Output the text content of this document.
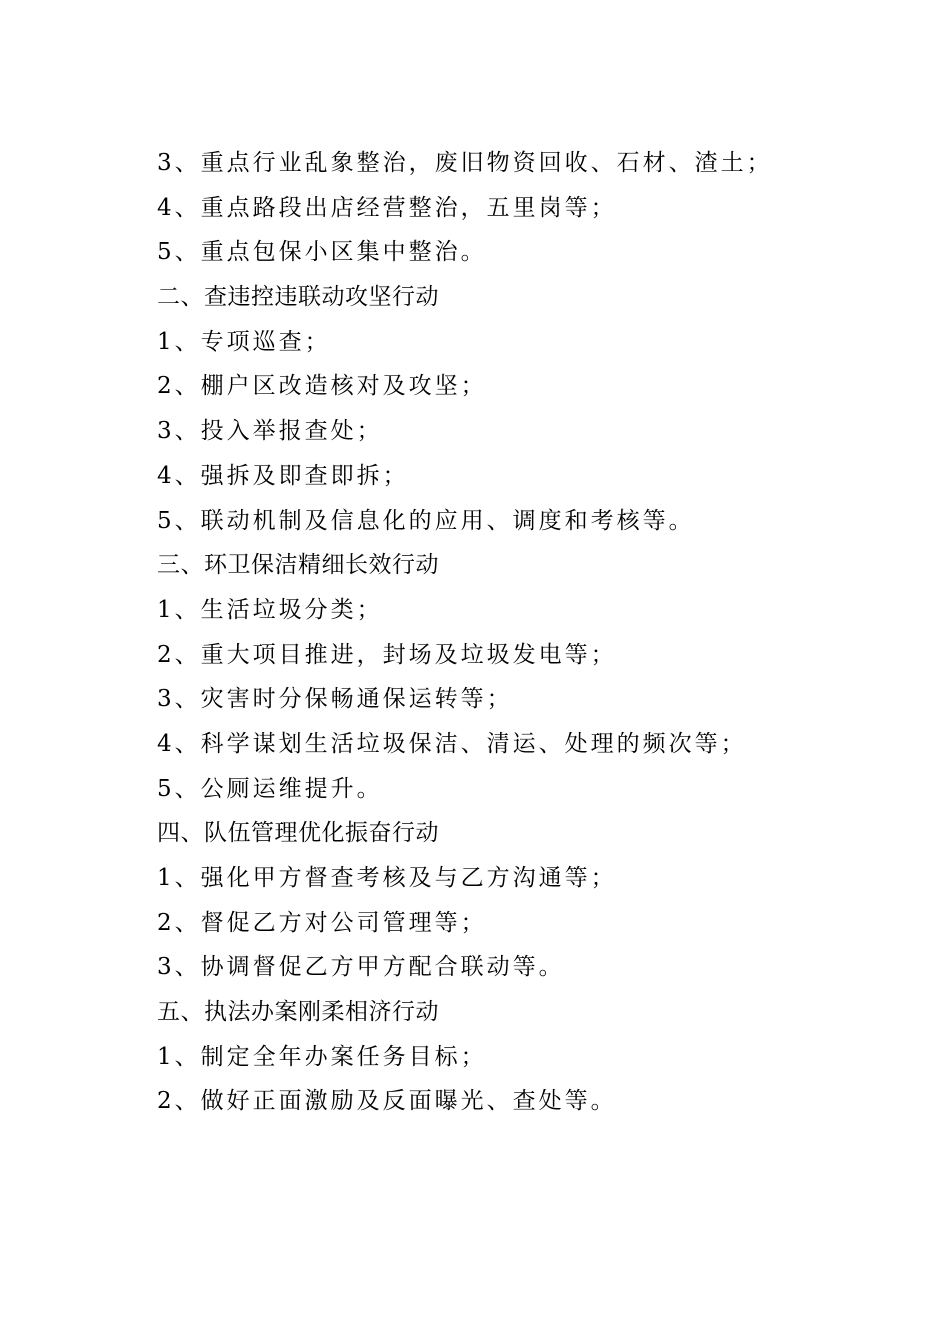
3、重点行业乱象整治，废旧物资回收、石材、渣土；
4、重点路段出店经营整治，五里岗等；
5、重点包保小区集中整治。
二、查违控违联动攻坚行动
1、专项巡查；
2、棚户区改造核对及攻坚；
3、投入举报查处；
4、强拆及即查即拆；
5、联动机制及信息化的应用、调度和考核等。
三、环卫保洁精细长效行动
1、生活垃圾分类；
2、重大项目推进，封场及垃圾发电等；
3、灾害时分保畅通保运转等；
4、科学谋划生活垃圾保洁、清运、处理的频次等；
5、公厕运维提升。
四、队伍管理优化振奋行动
1、强化甲方督查考核及与乙方沟通等；
2、督促乙方对公司管理等；
3、协调督促乙方甲方配合联动等。
五、执法办案刚柔相济行动
1、制定全年办案任务目标；
2、做好正面激励及反面曝光、查处等。
